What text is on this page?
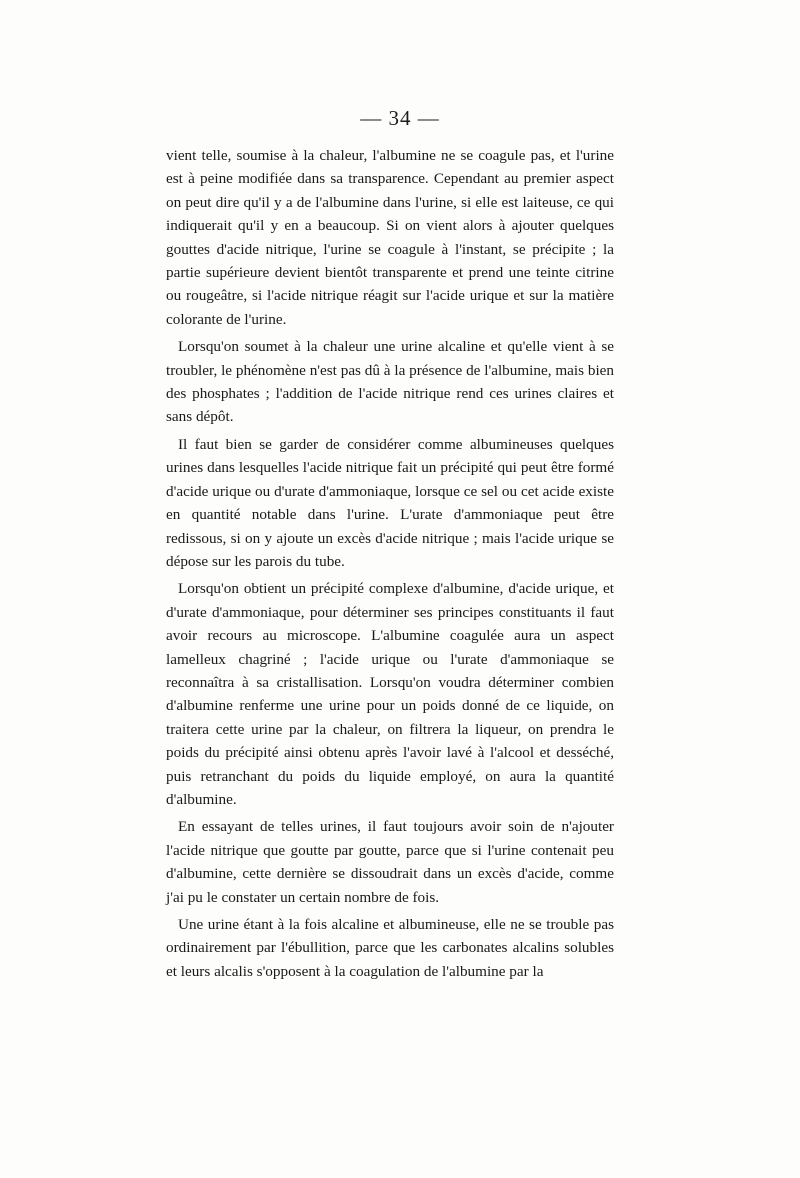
— 34 —

vient telle, soumise à la chaleur, l'albumine ne se coagule pas, et l'urine est à peine modifiée dans sa transparence. Cependant au premier aspect on peut dire qu'il y a de l'albumine dans l'urine, si elle est laiteuse, ce qui indiquerait qu'il y en a beaucoup. Si on vient alors à ajouter quelques gouttes d'acide nitrique, l'urine se coagule à l'instant, se précipite ; la partie supérieure devient bientôt transparente et prend une teinte citrine ou rougeâtre, si l'acide nitrique réagit sur l'acide urique et sur la matière colorante de l'urine.

Lorsqu'on soumet à la chaleur une urine alcaline et qu'elle vient à se troubler, le phénomène n'est pas dû à la présence de l'albumine, mais bien des phosphates ; l'addition de l'acide nitrique rend ces urines claires et sans dépôt.

Il faut bien se garder de considérer comme albumineuses quelques urines dans lesquelles l'acide nitrique fait un précipité qui peut être formé d'acide urique ou d'urate d'ammoniaque, lorsque ce sel ou cet acide existe en quantité notable dans l'urine. L'urate d'ammoniaque peut être redissous, si on y ajoute un excès d'acide nitrique ; mais l'acide urique se dépose sur les parois du tube.

Lorsqu'on obtient un précipité complexe d'albumine, d'acide urique, et d'urate d'ammoniaque, pour déterminer ses principes constituants il faut avoir recours au microscope. L'albumine coagulée aura un aspect lamelleux chagriné ; l'acide urique ou l'urate d'ammoniaque se reconnaîtra à sa cristallisation. Lorsqu'on voudra déterminer combien d'albumine renferme une urine pour un poids donné de ce liquide, on traitera cette urine par la chaleur, on filtrera la liqueur, on prendra le poids du précipité ainsi obtenu après l'avoir lavé à l'alcool et desséché, puis retranchant du poids du liquide employé, on aura la quantité d'albumine.

En essayant de telles urines, il faut toujours avoir soin de n'ajouter l'acide nitrique que goutte par goutte, parce que si l'urine contenait peu d'albumine, cette dernière se dissoudrait dans un excès d'acide, comme j'ai pu le constater un certain nombre de fois.

Une urine étant à la fois alcaline et albumineuse, elle ne se trouble pas ordinairement par l'ébullition, parce que les carbonates alcalins solubles et leurs alcalis s'opposent à la coagulation de l'albumine par la
